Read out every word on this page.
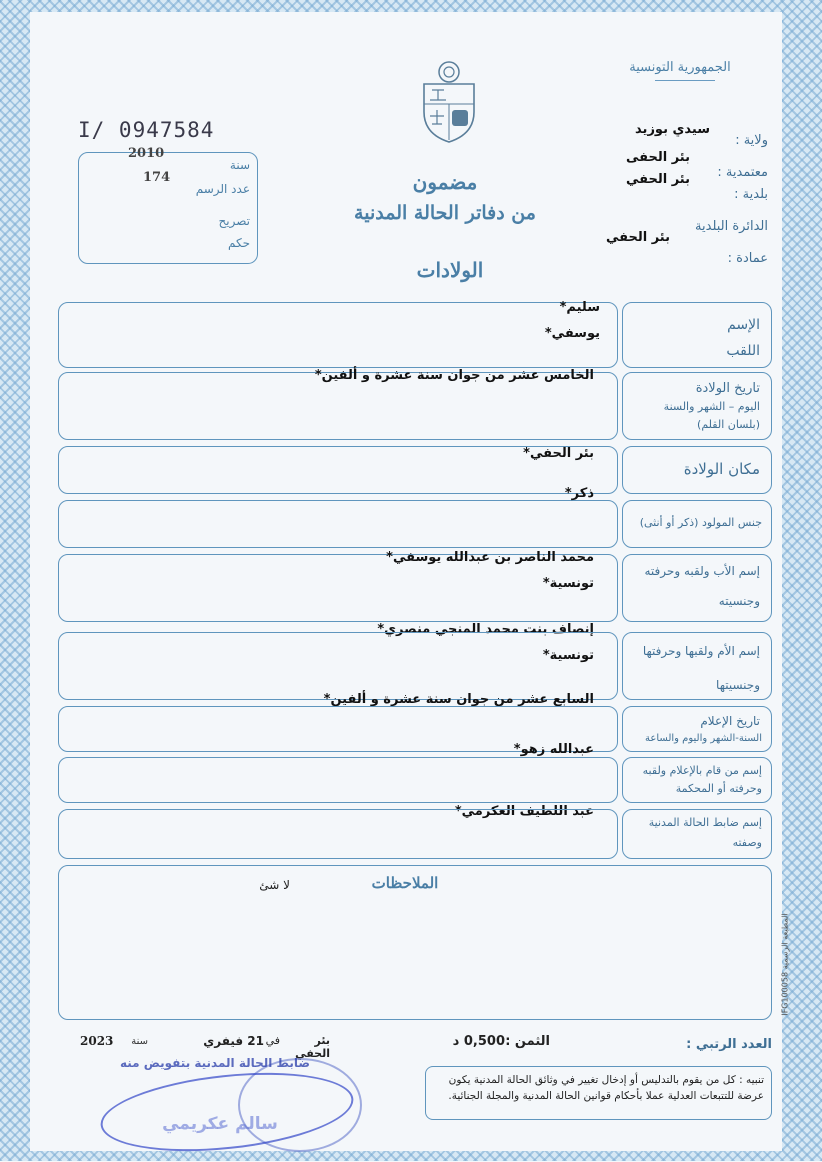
الجمهورية التونسية
I/ 0947584
2010
سنة
174
عدد الرسم
تصريح
حكم
مضمون
من دفاتر الحالة المدنية
الولادات
سيدي بوزيد
ولاية :
بئر الحفى
معتمدية :
بئر الحفي
بلدية :
الدائرة البلدية
بئر الحفي
عمادة :
الإسم
اللقب
سليم*
يوسفي*
تاريخ الولادة
اليوم – الشهر والسنة
(بلسان القلم)
الخامس عشر من جوان سنة عشرة و ألفين*
مكان الولادة
بئر الحفي*
جنس المولود (ذكر أو أنثى)
ذكر*
إسم الأب ولقبه وحرفته
وجنسيته
محمد الناصر بن عبدالله يوسفي*
تونسية*
إنصاف بنت محمد المنجي منصري*
إسم الأم ولقبها وحرفتها
وجنسيتها
تونسية*
السابع عشر من جوان سنة عشرة و ألفين*
تاريخ الإعلام
السنة-الشهر واليوم والساعة
عبدالله زهو*
إسم من قام بالإعلام ولقبه
وحرفته أو المحكمة
عبد اللطيف العكرمي*
إسم ضابط الحالة المدنية
وصفته
الملاحظات
لا شئ
المطبعة الرسمية IFG100058
العدد الرتبي :
الثمن :
0,500 د
بئر الحفي
في
21 فيفري
سنة
2023
ضابط الحالة المدنية بتفويض منه
سالم عكريمي
تنبيه : كل من يقوم بالتدليس أو إدخال تغيير في وثائق الحالة المدنية يكون عرضة للتتبعات العدلية عملا بأحكام قوانين الحالة المدنية والمجلة الجنائية.
